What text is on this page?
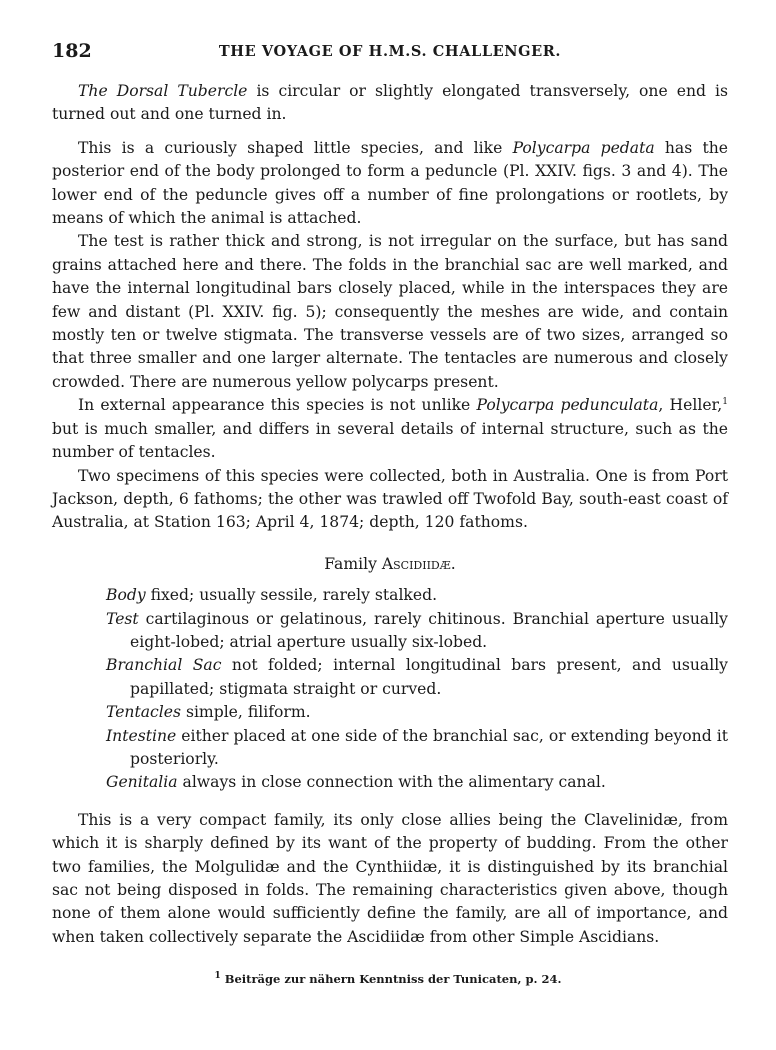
182	THE VOYAGE OF H.M.S. CHALLENGER.

The Dorsal Tubercle is circular or slightly elongated transversely, one end is turned out and one turned in.

This is a curiously shaped little species, and like Polycarpa pedata has the posterior end of the body prolonged to form a peduncle (Pl. XXIV. figs. 3 and 4). The lower end of the peduncle gives off a number of fine prolongations or rootlets, by means of which the animal is attached.

The test is rather thick and strong, is not irregular on the surface, but has sand grains attached here and there. The folds in the branchial sac are well marked, and have the internal longitudinal bars closely placed, while in the interspaces they are few and distant (Pl. XXIV. fig. 5); consequently the meshes are wide, and contain mostly ten or twelve stigmata. The transverse vessels are of two sizes, arranged so that three smaller and one larger alternate. The tentacles are numerous and closely crowded. There are numerous yellow polycarps present.

In external appearance this species is not unlike Polycarpa pedunculata, Heller,$^1$ but is much smaller, and differs in several details of internal structure, such as the number of tentacles.

Two specimens of this species were collected, both in Australia. One is from Port Jackson, depth, 6 fathoms; the other was trawled off Twofold Bay, south-east coast of Australia, at Station 163; April 4, 1874; depth, 120 fathoms.

Family Ascidiidæ.

Body fixed; usually sessile, rarely stalked.

Test cartilaginous or gelatinous, rarely chitinous. Branchial aperture usually eight-lobed; atrial aperture usually six-lobed.

Branchial Sac not folded; internal longitudinal bars present, and usually papillated; stigmata straight or curved.

Tentacles simple, filiform.

Intestine either placed at one side of the branchial sac, or extending beyond it posteriorly.

Genitalia always in close connection with the alimentary canal.

This is a very compact family, its only close allies being the Clavelinidæ, from which it is sharply defined by its want of the property of budding. From the other two families, the Molgulidæ and the Cynthiidæ, it is distinguished by its branchial sac not being disposed in folds. The remaining characteristics given above, though none of them alone would sufficiently define the family, are all of importance, and when taken collectively separate the Ascidiidæ from other Simple Ascidians.

$^1$ Beiträge zur nähern Kenntniss der Tunicaten, p. 24.
